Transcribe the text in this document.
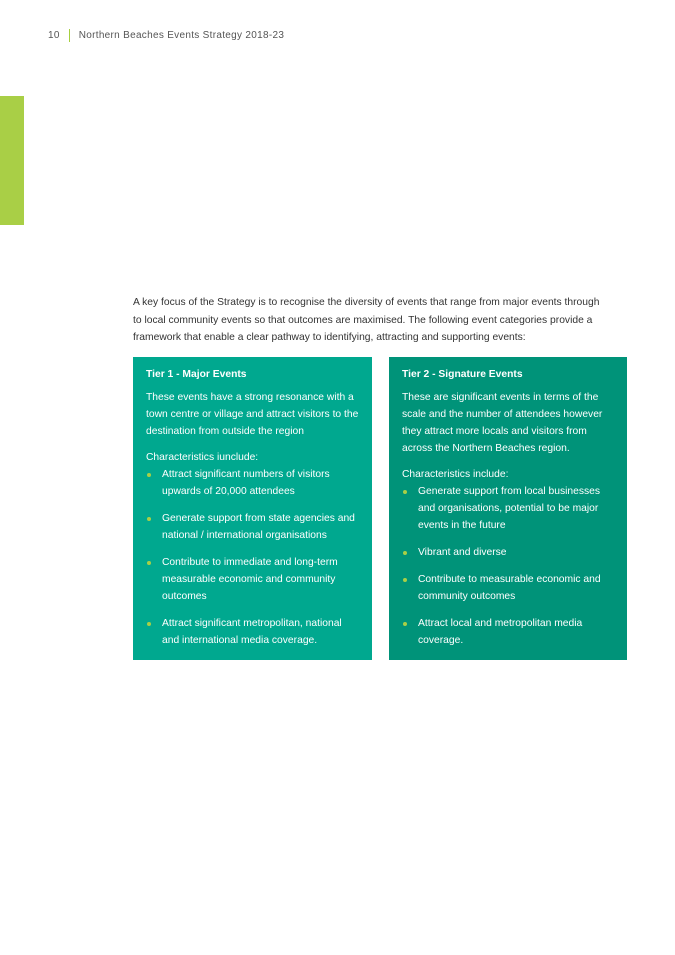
10 Northern Beaches Events Strategy 2018-23

A key focus of the Strategy is to recognise the diversity of events that range from major events through to local community events so that outcomes are maximised. The following event categories provide a framework that enable a clear pathway to identifying, attracting and supporting events:

Tier 1 - Major Events

These events have a strong resonance with a town centre or village and attract visitors to the destination from outside the region

Characteristics iunclude:

Attract significant numbers of visitors upwards of 20,000 attendees
Generate support from state agencies and national / international organisations
Contribute to immediate and long-term measurable economic and community outcomes
Attract significant metropolitan, national and international media coverage.
Tier 2 - Signature Events

These are significant events in terms of the scale and the number of attendees however they attract more locals and visitors from across the Northern Beaches region.

Characteristics include:

Generate support from local businesses and organisations, potential to be major events in the future
Vibrant and diverse
Contribute to measurable economic and community outcomes
Attract local and metropolitan media coverage.
